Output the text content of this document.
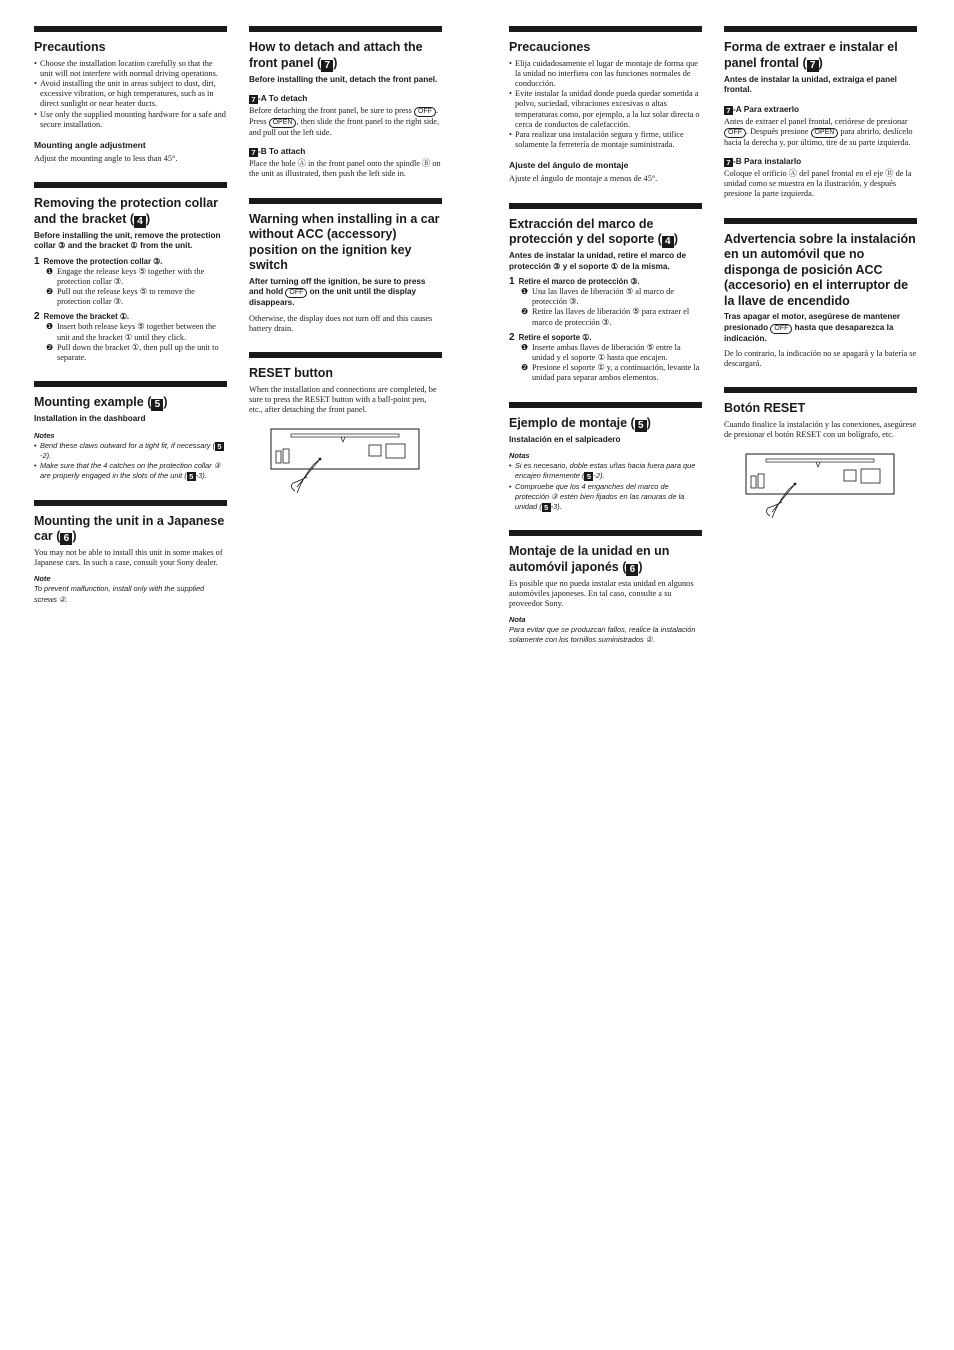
Precautions
• Choose the installation location carefully so that the unit will not interfere with normal driving operations.
• Avoid installing the unit in areas subject to dust, dirt, excessive vibration, or high temperatures, such as in direct sunlight or near heater ducts.
• Use only the supplied mounting hardware for a safe and secure installation.
Mounting angle adjustment

Adjust the mounting angle to less than 45°.

Removing the protection collar and the bracket ( 4 )
Before installing the unit, remove the protection collar ③ and the bracket ① from the unit.
1 Remove the protection collar ③.
❶ Engage the release keys ⑤ together with the protection collar ③.
❷ Pull out the release keys ⑤ to remove the protection collar ③.
2 Remove the bracket ①.
❶ Insert both release keys ⑤ together between the unit and the bracket ① until they click.
❷ Pull down the bracket ①, then pull up the unit to separate.
Mounting example ( 5 )
Installation in the dashboard
Notes
• Bend these claws outward for a tight fit, if necessary ( 5-2).
• Make sure that the 4 catches on the protection collar ③ are properly engaged in the slots of the unit ( 5 -3).
Mounting the unit in a Japanese car ( 6 )

You may not be able to install this unit in some makes of Japanese cars. In such a case, consult your Sony dealer.

Note
To prevent malfunction, install only with the supplied screws ②.
How to detach and attach the front panel ( 7 )
Before installing the unit, detach the front panel.
7 -A To detach

Before detaching the front panel, be sure to press OFF . Press OPEN , then slide the front panel to the right side, and pull out the left side.

7 -B To attach

Place the hole Ⓐ in the front panel onto the spindle Ⓑ on the unit as illustrated, then push the left side in.

Warning when installing in a car without ACC (accessory) position on the ignition key switch
After turning off the ignition, be sure to press and hold OFF on the unit until the display disappears.

Otherwise, the display does not turn off and this causes battery drain.

RESET button

When the installation and connections are completed, be sure to press the RESET button with a ball-point pen, etc., after detaching the front panel.

Precauciones
• Elija cuidadosamente el lugar de montaje de forma que la unidad no interfiera con las funciones normales de conducción.
• Evite instalar la unidad donde pueda quedar sometida a polvo, suciedad, vibraciones excesivas o altas temperaturas como, por ejemplo, a la luz solar directa o cerca de conductos de calefacción.
• Para realizar una instalación segura y firme, utilice solamente la ferretería de montaje suministrada.
Ajuste del ángulo de montaje

Ajuste el ángulo de montaje a menos de 45°.

Extracción del marco de protección y del soporte ( 4 )
Antes de instalar la unidad, retire el marco de protección ③ y el soporte ① de la misma.
1 Retire el marco de protección ③.
❶ Una las llaves de liberación ⑤ al marco de protección ③.
❷ Retire las llaves de liberación ⑤ para extraer el marco de protección ③.
2 Retire el soporte ①.
❶ Inserte ambas llaves de liberación ⑤ entre la unidad y el soporte ① hasta que encajen.
❷ Presione el soporte ① y, a continuación, levante la unidad para separar ambos elementos.
Ejemplo de montaje ( 5 )
Instalación en el salpicadero
Notas
• Si es necesario, doble estas uñas hacia fuera para que encajen firmemente ( 5 -2).
• Compruebe que los 4 enganches del marco de protección ③ estén bien fijados en las ranuras de la unidad ( 5 -3).
Montaje de la unidad en un automóvil japonés ( 6 )

Es posible que no pueda instalar esta unidad en algunos automóviles japoneses. En tal caso, consulte a su proveedor Sony.

Nota
Para evitar que se produzcan fallos, realice la instalación solamente con los tornillos suministrados ②.
Forma de extraer e instalar el panel frontal ( 7 )
Antes de instalar la unidad, extraiga el panel frontal.
7 -A Para extraerlo

Antes de extraer el panel frontal, ceriórese de presionar OFF . Después presione OPEN para abrirlo, deslícelo hacia la derecha y, por último, tire de su parte izquierda.

7 -B Para instalarlo

Coloque el orificio Ⓐ del panel frontal en el eje Ⓑ de la unidad como se muestra en la ilustración, y después presione la parte izquierda.

Advertencia sobre la instalación en un automóvil que no disponga de posición ACC (accesorio) en el interruptor de la llave de encendido
Tras apagar el motor, asegúrese de mantener presionado OFF hasta que desaparezca la indicación.

De lo contrario, la indicación no se apagará y la batería se descargará.

Botón RESET

Cuando finalice la instalación y las conexiones, asegúrese de presionar el botón RESET con un bolígrafo, etc.
